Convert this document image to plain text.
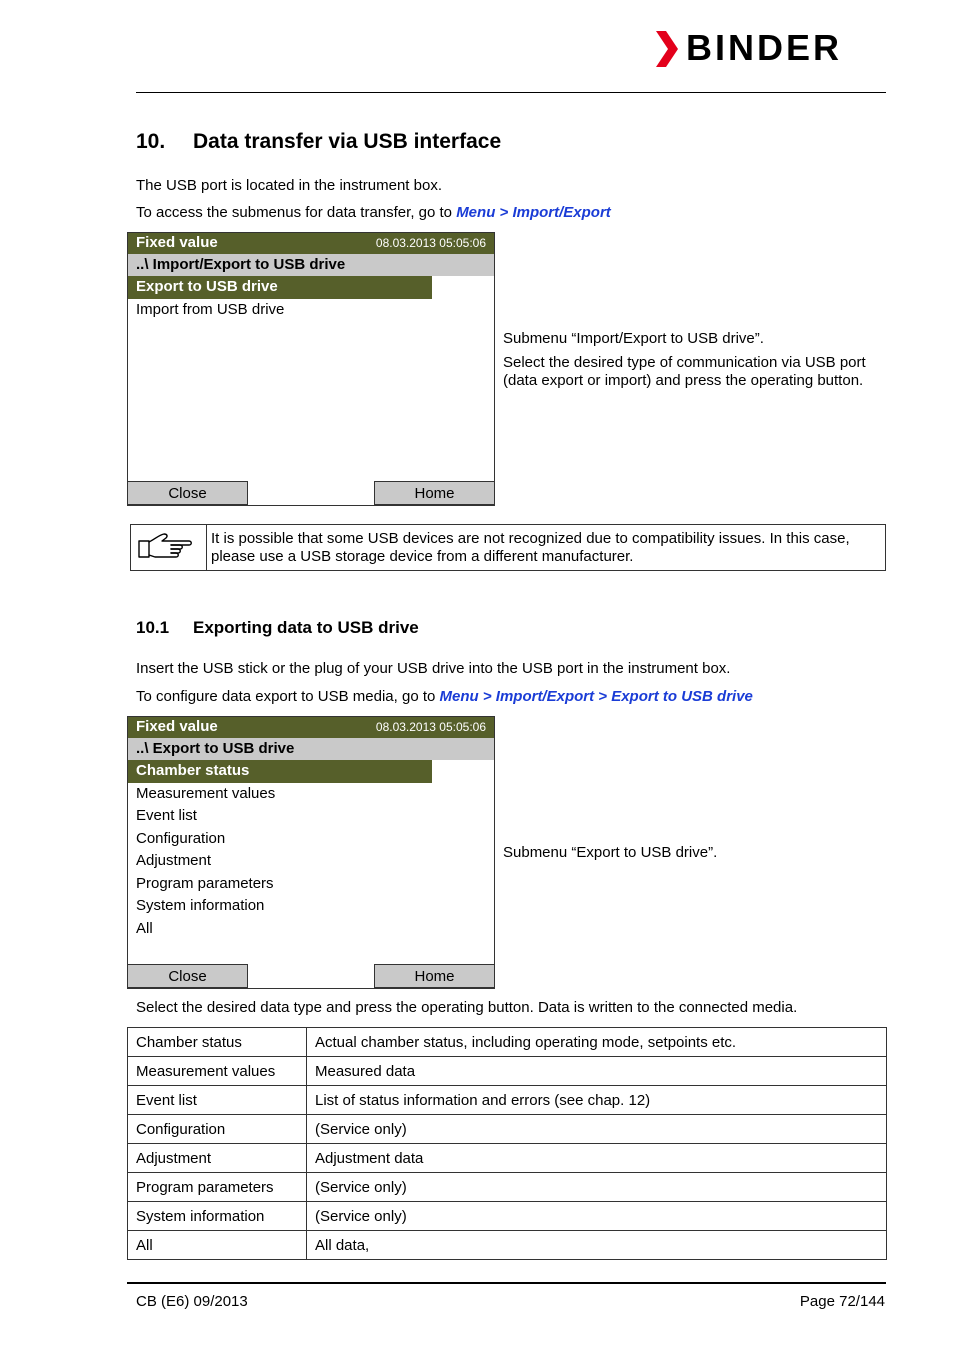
BINDER
10. Data transfer via USB interface
The USB port is located in the instrument box.
To access the submenus for data transfer, go to Menu > Import/Export
Fixed value	08.03.2013 05:05:06
..\ Import/Export to USB drive
Export to USB drive
Import from USB drive
Close	Home

Submenu “Import/Export to USB drive”.

Select the desired type of communication via USB port (data export or import) and press the operating button.

It is possible that some USB devices are not recognized due to compatibility issues. In this case, please use a USB storage device from a different manufacturer.
10.1 Exporting data to USB drive
Insert the USB stick or the plug of your USB drive into the USB port in the instrument box.
To configure data export to USB media, go to Menu > Import/Export > Export to USB drive
Fixed value	08.03.2013 05:05:06
..\ Export to USB drive
Chamber status
Measurement values
Event list
Configuration
Adjustment
Program parameters
System information
All
Close	Home

Submenu “Export to USB drive”.

Select the desired data type and press the operating button. Data is written to the connected media.
Chamber status	Actual chamber status, including operating mode, setpoints etc.
Measurement values	Measured data
Event list	List of status information and errors (see chap. 12)
Configuration	(Service only)
Adjustment	Adjustment data
Program parameters	(Service only)
System information	(Service only)
All	All data,
CB (E6) 09/2013	Page 72/144
